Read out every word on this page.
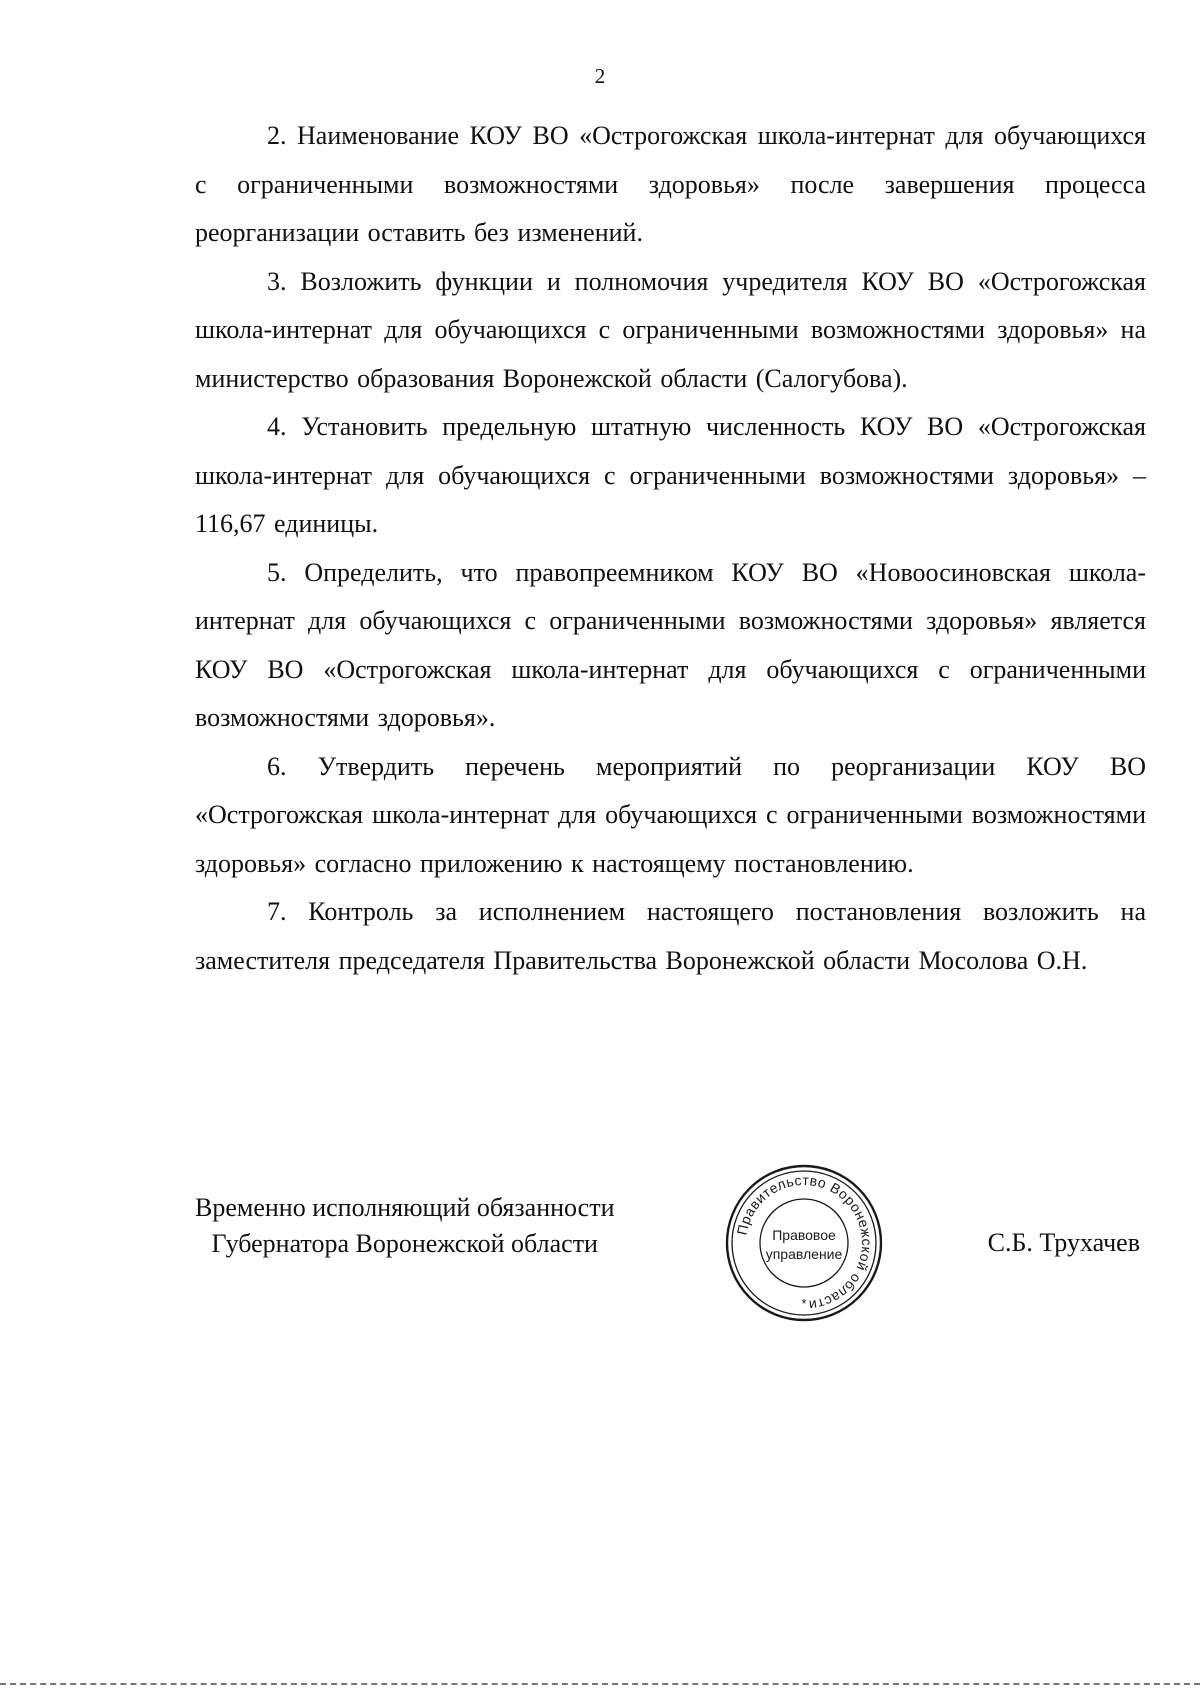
2

2. Наименование КОУ ВО «Острогожская школа-интернат для обучающихся с ограниченными возможностями здоровья» после завершения процесса реорганизации оставить без изменений.

3. Возложить функции и полномочия учредителя КОУ ВО «Острогожская школа-интернат для обучающихся с ограниченными возможностями здоровья» на министерство образования Воронежской области (Салогубова).

4. Установить предельную штатную численность КОУ ВО «Острогожская школа-интернат для обучающихся с ограниченными возможностями здоровья» – 116,67 единицы.

5. Определить, что правопреемником КОУ ВО «Новоосиновская школа-интернат для обучающихся с ограниченными возможностями здоровья» является КОУ ВО «Острогожская школа-интернат для обучающихся с ограниченными возможностями здоровья».

6. Утвердить перечень мероприятий по реорганизации КОУ ВО «Острогожская школа-интернат для обучающихся с ограниченными возможностями здоровья» согласно приложению к настоящему постановлению.

7. Контроль за исполнением настоящего постановления возложить на заместителя председателя Правительства Воронежской области Мосолова О.Н.

Временно исполняющий обязанности
Губернатора Воронежской области	Правительство Воронежской области
Правовое
управление
*
С.Б. Трухачев
